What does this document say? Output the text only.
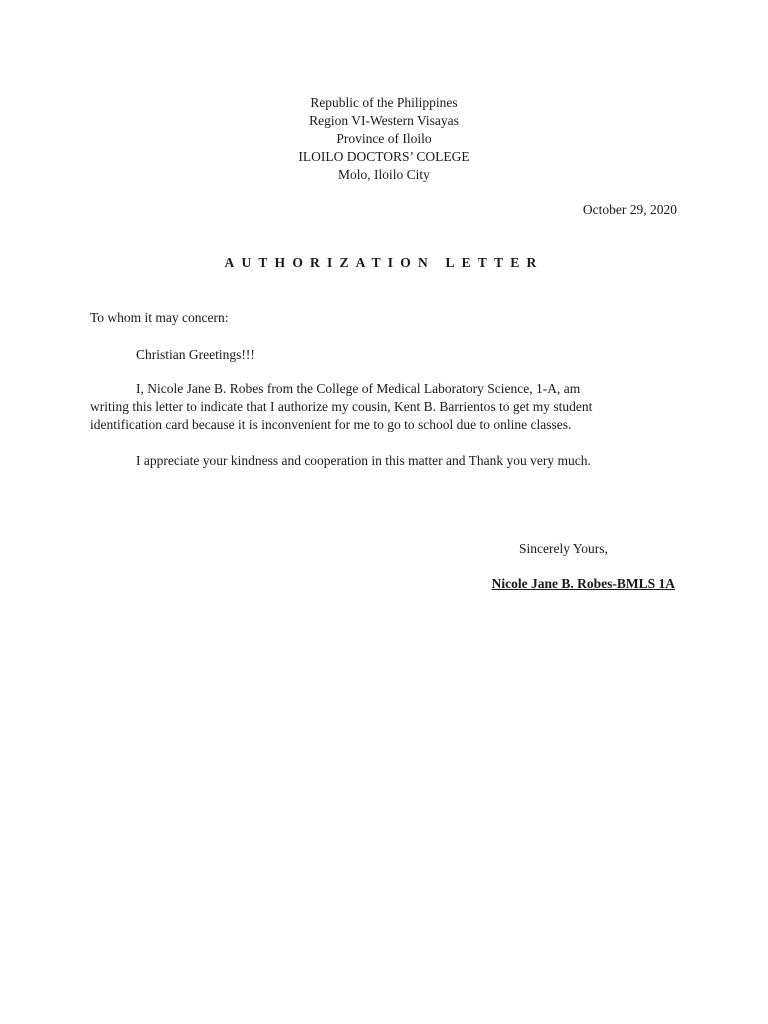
Republic of the Philippines
Region VI-Western Visayas
Province of Iloilo
ILOILO DOCTORS’ COLEGE
Molo, Iloilo City
October 29, 2020
AUTHORIZATION LETTER
To whom it may concern:
Christian Greetings!!!
I, Nicole Jane B. Robes from the College of Medical Laboratory Science, 1-A, am
writing this letter to indicate that I authorize my cousin, Kent B. Barrientos to get my student
identification card because it is inconvenient for me to go to school due to online classes.
I appreciate your kindness and cooperation in this matter and Thank you very much.
Sincerely Yours,
Nicole Jane B. Robes-BMLS 1A
